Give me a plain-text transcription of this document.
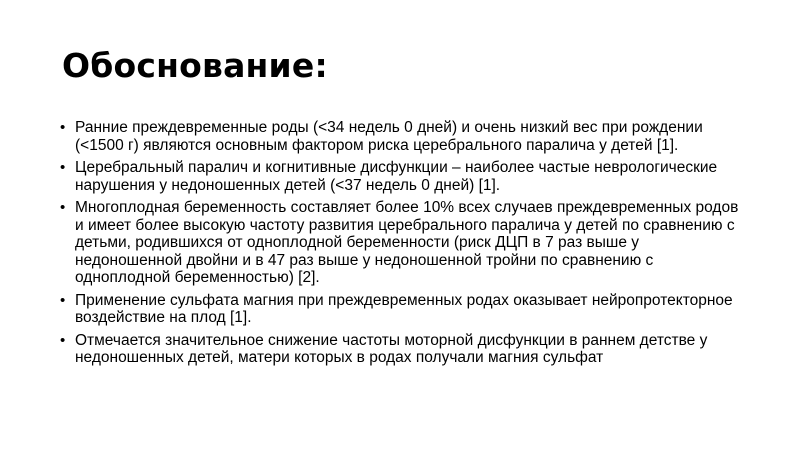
Обоснование:
• Ранние преждевременные роды (<34 недель 0 дней) и очень низкий вес при рождении (<1500 г) являются основным фактором риска церебрального паралича у детей [1].
• Церебральный паралич и когнитивные дисфункции – наиболее частые неврологические нарушения у недоношенных детей (<37 недель 0 дней) [1].
• Многоплодная беременность составляет более 10% всех случаев преждевременных родов и имеет более высокую частоту развития церебрального паралича у детей по сравнению с детьми, родившихся от одноплодной беременности (риск ДЦП в 7 раз выше у недоношенной двойни и в 47 раз выше у недоношенной тройни по сравнению с одноплодной беременностью) [2].
• Применение сульфата магния при преждевременных родах оказывает нейропротекторное воздействие на плод [1].
• Отмечается значительное снижение частоты моторной дисфункции в раннем детстве у недоношенных детей, матери которых в родах получали магния сульфат
